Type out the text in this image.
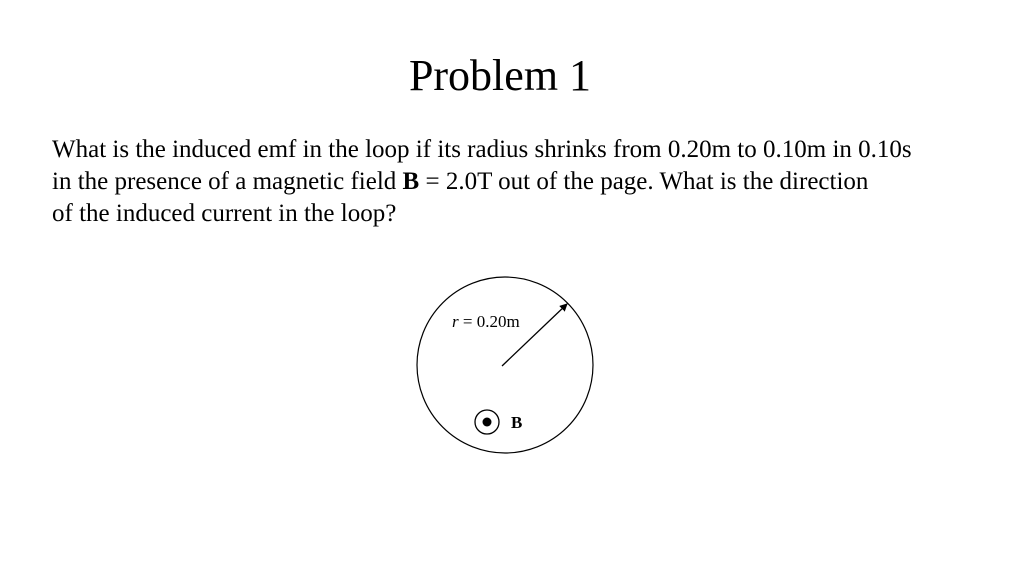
Problem 1

What is the induced emf in the loop if its radius shrinks from 0.20m to 0.10m in 0.10s
in the presence of a magnetic field B = 2.0T out of the page. What is the direction
of the induced current in the loop?

r = 0.20m
B
